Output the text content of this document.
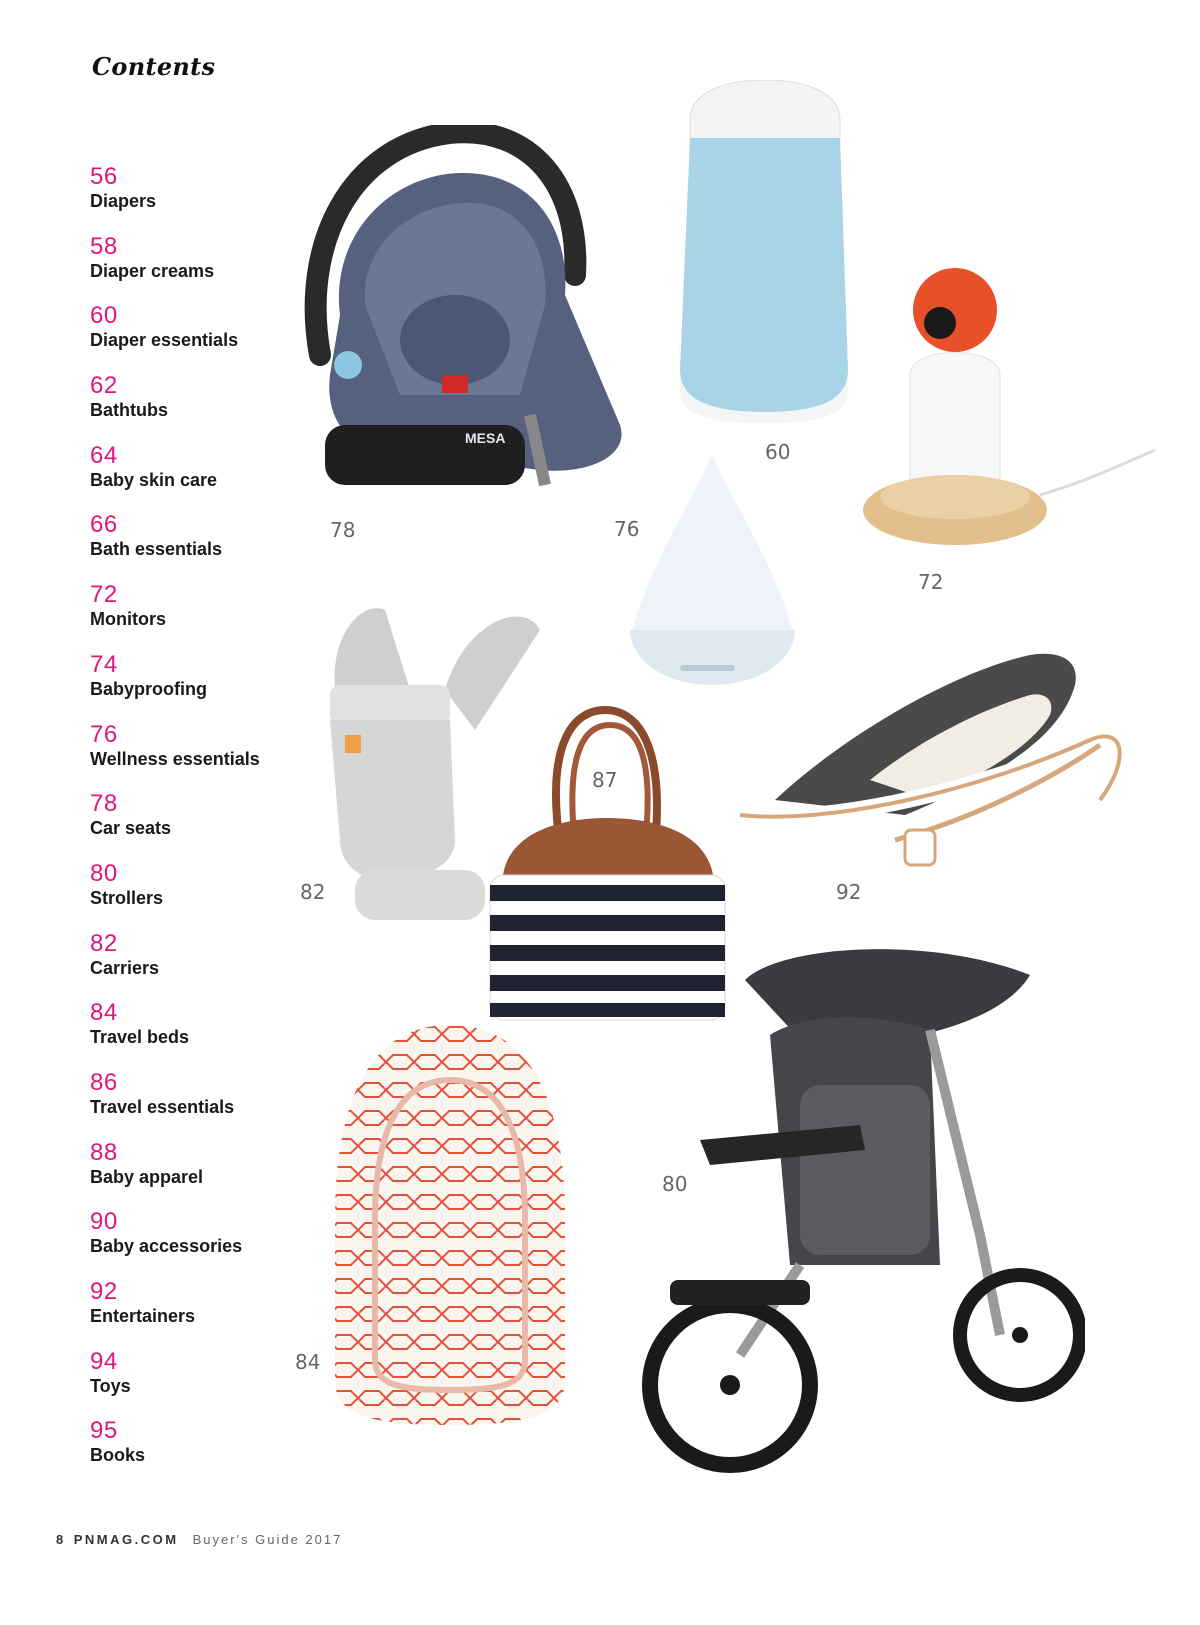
Contents
56
Diapers
58
Diaper creams
60
Diaper essentials
62
Bathtubs
64
Baby skin care
66
Bath essentials
72
Monitors
74
Babyproofing
76
Wellness essentials
78
Car seats
80
Strollers
82
Carriers
84
Travel beds
86
Travel essentials
88
Baby apparel
90
Baby accessories
92
Entertainers
94
Toys
95
Books
MESA
78
60
72
76
82
87
92
84
80
8 PNMAG.COM Buyer's Guide 2017
